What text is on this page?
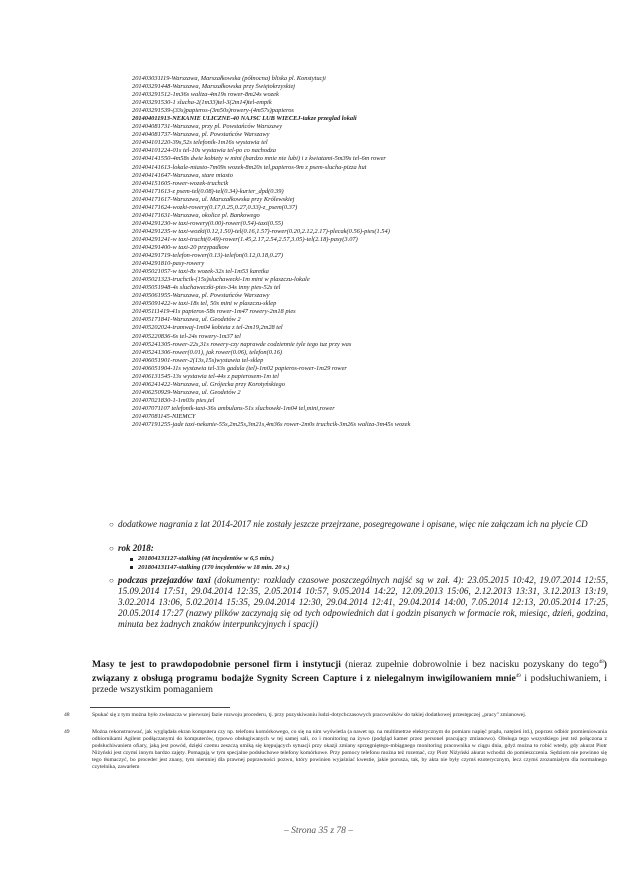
201403031119-Warszawa, Marszałkowska (północna) bliska pl. Konstytucji
201403291448-Warszawa, Marszałkowska przy Świętokrzyskiej
201403291512-1m36s walizа-4m19s rower-8m24s wozek
201403291530-1 slucha-2(1m33)tel-3(2m14)tel-empik
201403291539-(33s)papieros-(3m50s)rowery-(4m57s)papieros
201404011913-NEKANIE ULICZNE-40 NAJSC LUB WIECEJ-takze przeglad lokali
201404081731-Warszawa, przy pl. Powstańców Warszawy
201404081737-Warszawa, pl. Powstańców Warszawy
201404101220-39s,52s telefonik-1m16s wystawia tel
201404101224-01s tel-10s wystawia tel-po co nachodza
201404141550-4m58s dwie kobiety w mini (bardzo mnie nie lubi) i z kwiatami-5m39s tel-6m rower
201404141613-lokale-miasto-7m09s wozek-8m20s tel,papieros-9m z psem-slucha-pizza hut
201404141647-Warszawa, stare miasto
201404151605-rower-wozek-truchcik
201404171613-z psem-tel(0.08)-tel(0.34)-kurier_dpd(0.39)
201404171617-Warszawa, ul. Marszałkowska przy Królewskiej
201404171624-wozki-rowery(0.17,0.25,0.27,0.33)-z_psem(0.37)
201404171631-Warszawa, okolice pl. Bankowego
201404291230-w taxi-rowery(0.00)-rower(0.54)-taxi(0.55)
201404291235-w taxi-wozki(0.12,1.50)-tel(0.16,1.57)-rower(0.20,2.12,2.17)-plecak(0.56)-pies(1.54)
201404291241-w taxi-trucht(0.49)-rower(1.45,2.17,2.54,2.57,3.05)-tel(2.18)-pasy(3.07)
201404291400-w taxi-20 przypadkow
201404291719-telefon-rower(0.13)-telefon(0.12,0.18,0.27)
201404291810-pasy-rowery
201405021057-w taxi-8s wozek-32s tel-1m53 karetka
201405021323-truchcik-(15s)sluchawecki-1m mini w plaszczu-lokale
201405051948-4s sluchaweczki-pies-34s inny pies-52s tel
201405061955-Warszawa, pl. Powstańców Warszawy
201405091422-w taxi-18s tel, 50s mini w plaszczu-sklep
201405111419-41s papieros-58s rower-1m47 rowery-2m18 pies
201405171841-Warszawa, ul. Geodetów 2
201405202024-tramwaj-1m04 kobieta z tel-2m19,2m28 tel
201405220836-6s tel-24s rowery-1m37 tel
201405241305-rower-22s,31s rowery-czy naprawde codziennie tyle tego tuz przy was
201405241306-rower(0.01), jak rower(0.06), telefon(0.16)
201406051901-rower-2(13s,15s)wystawia tel-sklep
201406051904-11s wystawia tel-33s gadula (tel)-1m02 papieros-rower-1m29 rower
201406131545-13s wystawia tel-44s z papierosem-1m tel
201406241422-Warszawa, ul. Grójecka przy Korotyńskiego
201406250929-Warszawa, ul. Geodetów 2
201407021830-1-1m03s pies,tel
201407071107 telefonik-taxi-36s ambulans-51s sluchowki-1m04 tel,mini,rower
201407081145-NIEMCY
201407191255-jade taxi-nekanie-55s,2m25s,3m21s,4m36s rower-2m0s truchcik-3m26s walizа-3m45s wozek
○ dodatkowe nagrania z lat 2014-2017 nie zostały jeszcze przejrzane, posegregowane i opisane, więc nie załączam ich na płycie CD
○ rok 2018:
201804131127-stalking (48 incydentów w 6,5 min.)
201804131147-stalking (170 incydentów w 18 min. 20 s.)
○ podczas przejazdów taxi (dokumenty: rozklady czasowe poszczególnych najść są w zał. 4): 23.05.2015 10:42, 19.07.2014 12:55, 15.09.2014 17:51, 29.04.2014 12:35, 2.05.2014 10:57, 9.05.2014 14:22, 12.09.2013 15:06, 2.12.2013 13:31, 3.12.2013 13:19, 3.02.2014 13:06, 5.02.2014 15:35, 29.04.2014 12:30, 29.04.2014 12:41, 29.04.2014 14:00, 7.05.2014 12:13, 20.05.2014 17:25, 20.05.2014 17:27 (nazwy plików zaczynają się od tych odpowiednich dat i godzin pisanych w formacie rok, miesiąc, dzień, godzina, minuta bez żadnych znaków interpunkcyjnych i spacji)

Masy te jest to prawdopodobnie personel firm i instytucji (nieraz zupełnie dobrowolnie i bez nacisku pozyskany do tego$^{48}$) związany z obsługą programu bodajże Sygnity Screen Capture i z nielegalnym inwigilowaniem mnie$^{49}$ i podsłuchiwaniem, i przede wszystkim pomaganiem

48	Spukać się z tym można było zwłaszcza w pierwszej fazie rozwoju procederu, tj. przy pozyskiwaniu ludzi-dotychczasowych pracowników do takiej dodatkowej przestępczej „pracy" zmianowej.
49	Można rekonstruować, jak wyglądała ekran komputera czy np. telefonu komórkowego, co się na nim wyświetla (a nawet np. na multimetrze elektrycznym do pomiaru napięć prądu, natężeń itd.), poprzez odbiór promieniowania odbiornikami Agilent podłączanymi do komputerów, typowo obsługiwanych w tej samej sali, co i monitoring na żywo (podgląd kamer przez personel pracujący zmianowo). Obsługa tego wszystkiego jest też połączona z podsłuchiwaniem ofiary, jaką jest powód, dzięki czemu zeszczą umiką się krępujących sytuacji przy okazji zmiany sprzęgniętego-mbiągnego monitoring pracownika w ciągu dnia, gdyż można to robić wtedy, gdy akurat Piotr Niżyński jest czymś innym bardzo zajęty. Pomagają w tym specjalne podsłuchowe telefony komórkowe. Przy pomocy telefonu można też rozemać, czy Piotr Niżyński akurat wchodzi do pomieszczenia. Sędziom nie powinno się tego tłumaczyć, bo proceder jest znany, tym niemniej dla prawnej poprawności pozwu, który powinien wyjaśniać kwestie, jakie porusza, tak, by akta nie były czymś ezoterycznym, lecz czymś zrozumiałym dla normalnego czytelnika, zawarłem
– Strona 35 z 78 –
